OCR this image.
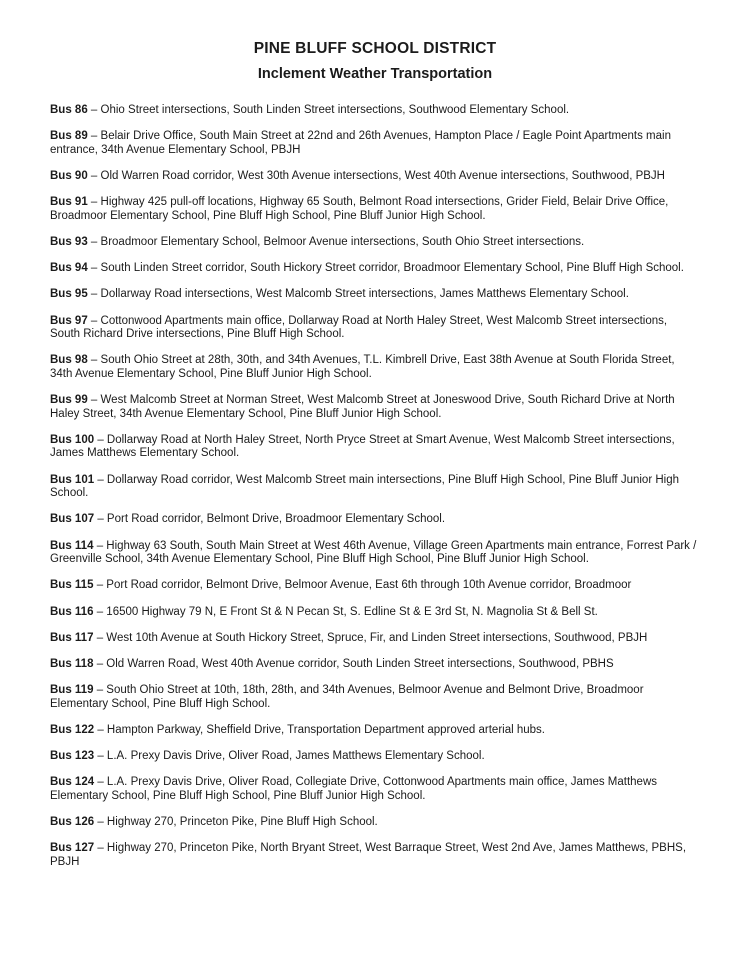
PINE BLUFF SCHOOL DISTRICT
Inclement Weather Transportation

Bus 86 – Ohio Street intersections, South Linden Street intersections, Southwood Elementary School.

Bus 89 – Belair Drive Office, South Main Street at 22nd and 26th Avenues, Hampton Place / Eagle Point Apartments main entrance, 34th Avenue Elementary School, PBJH

Bus 90 – Old Warren Road corridor, West 30th Avenue intersections, West 40th Avenue intersections, Southwood, PBJH

Bus 91 – Highway 425 pull-off locations, Highway 65 South, Belmont Road intersections, Grider Field, Belair Drive Office, Broadmoor Elementary School, Pine Bluff High School, Pine Bluff Junior High School.

Bus 93 – Broadmoor Elementary School, Belmoor Avenue intersections, South Ohio Street intersections.

Bus 94 – South Linden Street corridor, South Hickory Street corridor, Broadmoor Elementary School, Pine Bluff High School.

Bus 95 – Dollarway Road intersections, West Malcomb Street intersections, James Matthews Elementary School.

Bus 97 – Cottonwood Apartments main office, Dollarway Road at North Haley Street, West Malcomb Street intersections, South Richard Drive intersections, Pine Bluff High School.

Bus 98 – South Ohio Street at 28th, 30th, and 34th Avenues, T.L. Kimbrell Drive, East 38th Avenue at South Florida Street, 34th Avenue Elementary School, Pine Bluff Junior High School.

Bus 99 – West Malcomb Street at Norman Street, West Malcomb Street at Joneswood Drive, South Richard Drive at North Haley Street, 34th Avenue Elementary School, Pine Bluff Junior High School.

Bus 100 – Dollarway Road at North Haley Street, North Pryce Street at Smart Avenue, West Malcomb Street intersections, James Matthews Elementary School.

Bus 101 – Dollarway Road corridor, West Malcomb Street main intersections, Pine Bluff High School, Pine Bluff Junior High School.

Bus 107 – Port Road corridor, Belmont Drive, Broadmoor Elementary School.

Bus 114 – Highway 63 South, South Main Street at West 46th Avenue, Village Green Apartments main entrance, Forrest Park / Greenville School, 34th Avenue Elementary School, Pine Bluff High School, Pine Bluff Junior High School.

Bus 115 – Port Road corridor, Belmont Drive, Belmoor Avenue, East 6th through 10th Avenue corridor, Broadmoor

Bus 116 – 16500 Highway 79 N, E Front St & N Pecan St, S. Edline St & E 3rd St, N. Magnolia St & Bell St.

Bus 117 – West 10th Avenue at South Hickory Street, Spruce, Fir, and Linden Street intersections, Southwood, PBJH

Bus 118 – Old Warren Road, West 40th Avenue corridor, South Linden Street intersections, Southwood, PBHS

Bus 119 – South Ohio Street at 10th, 18th, 28th, and 34th Avenues, Belmoor Avenue and Belmont Drive, Broadmoor Elementary School, Pine Bluff High School.

Bus 122 – Hampton Parkway, Sheffield Drive, Transportation Department approved arterial hubs.

Bus 123 – L.A. Prexy Davis Drive, Oliver Road, James Matthews Elementary School.

Bus 124 – L.A. Prexy Davis Drive, Oliver Road, Collegiate Drive, Cottonwood Apartments main office, James Matthews Elementary School, Pine Bluff High School, Pine Bluff Junior High School.

Bus 126 – Highway 270, Princeton Pike, Pine Bluff High School.

Bus 127 – Highway 270, Princeton Pike, North Bryant Street, West Barraque Street, West 2nd Ave, James Matthews, PBHS, PBJH
